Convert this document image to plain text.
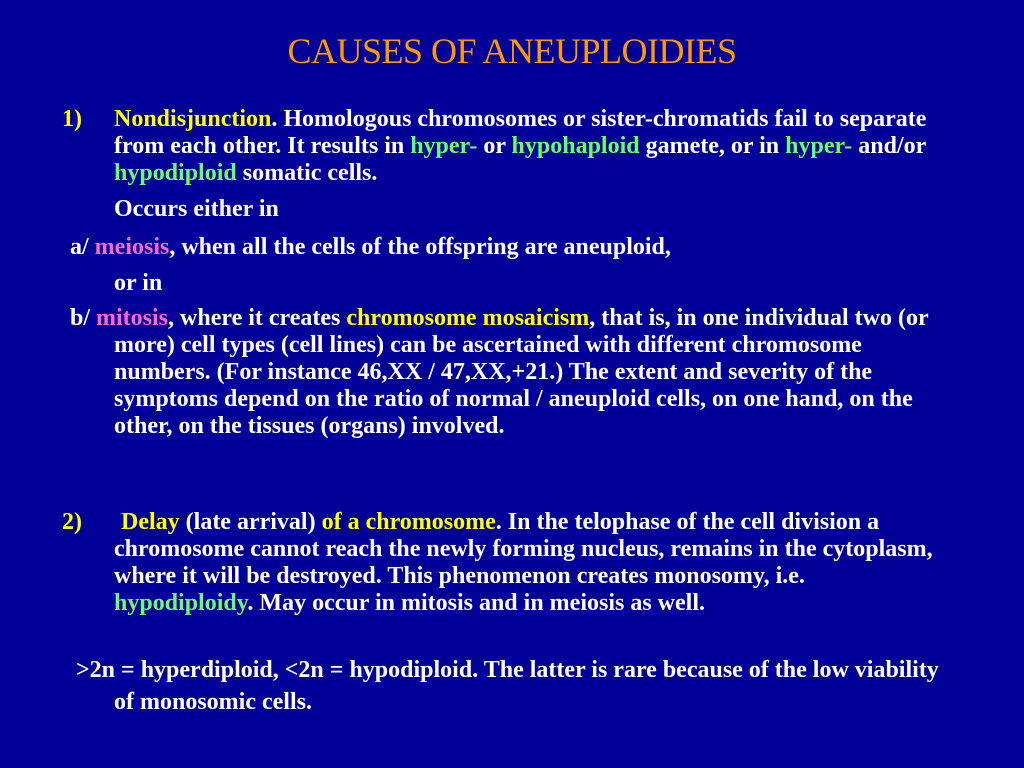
CAUSES OF ANEUPLOIDIES
1) Nondisjunction. Homologous chromosomes or sister-chromatids fail to separate from each other. It results in hyper- or hypohaploid gamete, or in hyper- and/or hypodiploid somatic cells.
Occurs either in
a/ meiosis, when all the cells of the offspring are aneuploid,
or in
b/ mitosis, where it creates chromosome mosaicism, that is, in one individual two (or more) cell types (cell lines) can be ascertained with different chromosome numbers. (For instance 46,XX / 47,XX,+21.) The extent and severity of the symptoms depend on the ratio of normal / aneuploid cells, on one hand, on the other, on the tissues (organs) involved.
2) Delay (late arrival) of a chromosome. In the telophase of the cell division a chromosome cannot reach the newly forming nucleus, remains in the cytoplasm, where it will be destroyed. This phenomenon creates monosomy, i.e. hypodiploidy. May occur in mitosis and in meiosis as well.
>2n = hyperdiploid, <2n = hypodiploid. The latter is rare because of the low viability of monosomic cells.
